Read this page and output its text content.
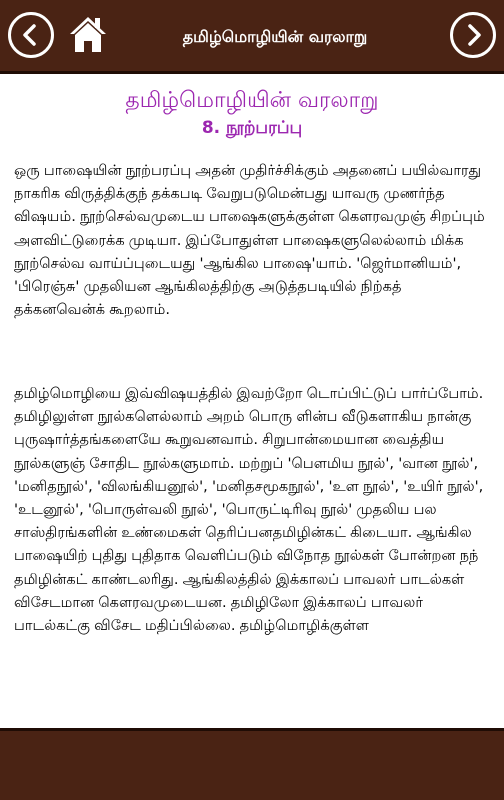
தமிழ்மொழியின் வரலாறு
தமிழ்மொழியின் வரலாறு
8. நூற்பரப்பு

ஒரு பாஷையின் நூற்பரப்பு அதன் முதிர்ச்சிக்கும் அதனைப் பயில்வாரது நாகரிக விருத்திக்குந் தக்கபடி வேறுபடுமென்பது யாவரு முணர்ந்த விஷயம். நூற்செல்வமுடைய பாஷைகளுக்குள்ள கௌரவமுஞ் சிறப்பும் அளவிட்டுரைக்க முடியா. இப்போதுள்ள பாஷைகளுலெல்லாம் மிக்க நூற்செல்வ வாய்ப்புடையது 'ஆங்கில பாஷை'யாம். 'ஜெர்மானியம்', 'பிரெஞ்சு' முதலியன ஆங்கிலத்திற்கு அடுத்தபடியில் நிற்கத் தக்கனவென்க் கூறலாம்.

தமிழ்மொழியை இவ்விஷயத்தில் இவற்றோ டொப்பிட்டுப் பார்ப்போம். தமிழிலுள்ள நூல்களெல்லாம் அறம் பொரு ளின்ப வீடுகளாகிய நான்கு புருஷார்த்தங்களையே கூறுவனவாம். சிறுபான்மையான வைத்திய நூல்களுஞ் சோதிட நூல்களுமாம். மற்றுப் 'பௌமிய நூல்', 'வான நூல்', 'மனிதநூல்', 'விலங்கியனூல்', 'மனிதசமூகநூல்', 'உள நூல்', 'உயிர் நூல்', 'உடனூல்', 'பொருள்வலி நூல்', 'பொருட்டிரிவு நூல்' முதலிய பல சாஸ்திரங்களின் உண்மைகள் தெரிப்பனதமிழின்கட் கிடையா. ஆங்கில பாஷையிற் புதிது புதிதாக வெளிப்படும் விநோத நூல்கள் போன்றன நந் தமிழின்கட் காண்டலரிது. ஆங்கிலத்தில் இக்காலப் பாவலர் பாடல்கள் விசேடமான கௌரவமுடையன. தமிழிலோ இக்காலப் பாவலர் பாடல்கட்கு விசேட மதிப்பில்லை. தமிழ்மொழிக்குள்ள
